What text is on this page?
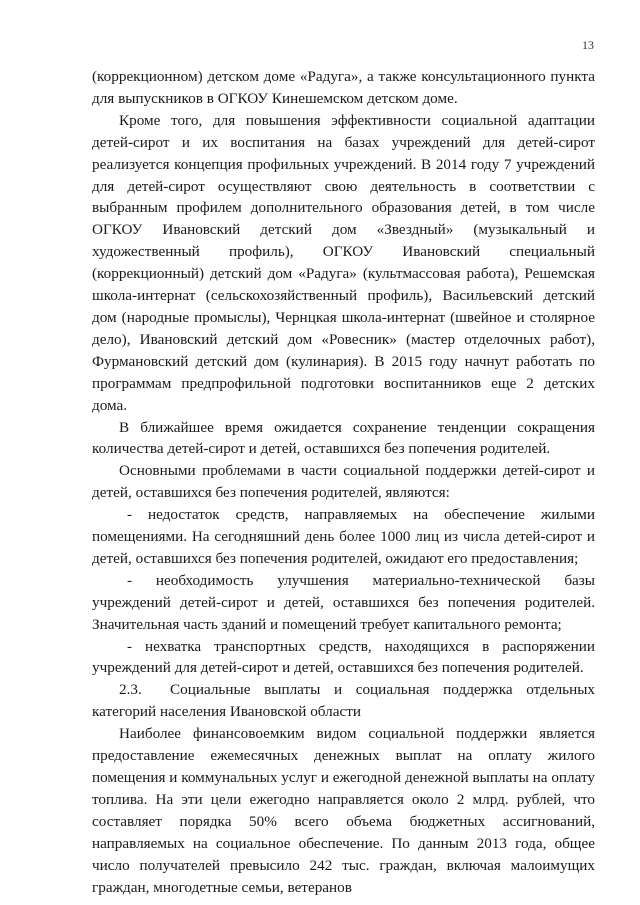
13

(коррекционном) детском доме «Радуга», а также консультационного пункта для выпускников в ОГКОУ Кинешемском детском доме.

Кроме того, для повышения эффективности социальной адаптации детей-сирот и их воспитания на базах учреждений для детей-сирот реализуется концепция профильных учреждений. В 2014 году 7 учреждений для детей-сирот осуществляют свою деятельность в соответствии с выбранным профилем дополнительного образования детей, в том числе ОГКОУ Ивановский детский дом «Звездный» (музыкальный и художественный профиль), ОГКОУ Ивановский специальный (коррекционный) детский дом «Радуга» (культмассовая работа), Решемская школа-интернат (сельскохозяйственный профиль), Васильевский детский дом (народные промыслы), Чернцкая школа-интернат (швейное и столярное дело), Ивановский детский дом «Ровесник» (мастер отделочных работ), Фурмановский детский дом (кулинария). В 2015 году начнут работать по программам предпрофильной подготовки воспитанников еще 2 детских дома.

В ближайшее время ожидается сохранение тенденции сокращения количества детей-сирот и детей, оставшихся без попечения родителей.

Основными проблемами в части социальной поддержки детей-сирот и детей, оставшихся без попечения родителей, являются:

- недостаток средств, направляемых на обеспечение жилыми помещениями. На сегодняшний день более 1000 лиц из числа детей-сирот и детей, оставшихся без попечения родителей, ожидают его предоставления;

- необходимость улучшения материально-технической базы учреждений детей-сирот и детей, оставшихся без попечения родителей. Значительная часть зданий и помещений требует капитального ремонта;

- нехватка транспортных средств, находящихся в распоряжении учреждений для детей-сирот и детей, оставшихся без попечения родителей.

2.3. Социальные выплаты и социальная поддержка отдельных категорий населения Ивановской области

Наиболее финансовоемким видом социальной поддержки является предоставление ежемесячных денежных выплат на оплату жилого помещения и коммунальных услуг и ежегодной денежной выплаты на оплату топлива. На эти цели ежегодно направляется около 2 млрд. рублей, что составляет порядка 50% всего объема бюджетных ассигнований, направляемых на социальное обеспечение. По данным 2013 года, общее число получателей превысило 242 тыс. граждан, включая малоимущих граждан, многодетные семьи, ветеранов
